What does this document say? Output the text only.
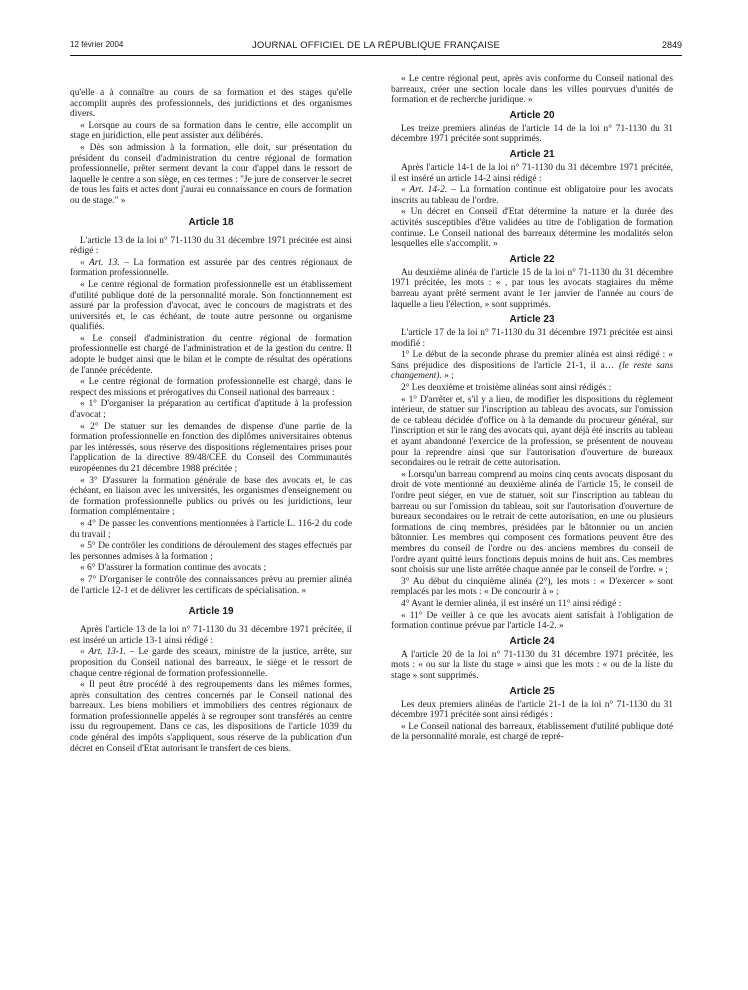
12 février 2004	JOURNAL OFFICIEL DE LA RÉPUBLIQUE FRANÇAISE	2849

qu'elle a à connaître au cours de sa formation et des stages qu'elle accomplit auprès des professionnels, des juridictions et des organismes divers.

« Lorsque au cours de sa formation dans le centre, elle accomplit un stage en juridiction, elle peut assister aux délibérés.

« Dès son admission à la formation, elle doit, sur présentation du président du conseil d'administration du centre régional de formation professionnelle, prêter serment devant la cour d'appel dans le ressort de laquelle le centre a son siège, en ces termes : "Je jure de conserver le secret de tous les faits et actes dont j'aurai eu connaissance en cours de formation ou de stage." »

Article 18

L'article 13 de la loi n° 71-1130 du 31 décembre 1971 précitée est ainsi rédigé :

« Art. 13. – La formation est assurée par des centres régionaux de formation professionnelle.

« Le centre régional de formation professionnelle est un établissement d'utilité publique doté de la personnalité morale. Son fonctionnement est assuré par la profession d'avocat, avec le concours de magistrats et des universités et, le cas échéant, de toute autre personne ou organisme qualifiés.

« Le conseil d'administration du centre régional de formation professionnelle est chargé de l'administration et de la gestion du centre. Il adopte le budget ainsi que le bilan et le compte de résultat des opérations de l'année précédente.

« Le centre régional de formation professionnelle est chargé, dans le respect des missions et prérogatives du Conseil national des barreaux :

« 1° D'organiser la préparation au certificat d'aptitude à la profession d'avocat ;

« 2° De statuer sur les demandes de dispense d'une partie de la formation professionnelle en fonction des diplômes universitaires obtenus par les intéressés, sous réserve des dispositions réglementaires prises pour l'application de la directive 89/48/CEE du Conseil des Communautés européennes du 21 décembre 1988 précitée ;

« 3° D'assurer la formation générale de base des avocats et, le cas échéant, en liaison avec les universités, les organismes d'enseignement ou de formation professionnelle publics ou privés ou les juridictions, leur formation complémentaire ;

« 4° De passer les conventions mentionnées à l'article L. 116-2 du code du travail ;

« 5° De contrôler les conditions de déroulement des stages effectués par les personnes admises à la formation ;

« 6° D'assurer la formation continue des avocats ;

« 7° D'organiser le contrôle des connaissances prévu au premier alinéa de l'article 12-1 et de délivrer les certificats de spécialisation. »

Article 19

Après l'article 13 de la loi n° 71-1130 du 31 décembre 1971 précitée, il est inséré un article 13-1 ainsi rédigé :

« Art. 13-1. – Le garde des sceaux, ministre de la justice, arrête, sur proposition du Conseil national des barreaux, le siège et le ressort de chaque centre régional de formation professionnelle.

« Il peut être procédé à des regroupements dans les mêmes formes, après consultation des centres concernés par le Conseil national des barreaux. Les biens mobiliers et immobiliers des centres régionaux de formation professionnelle appelés à se regrouper sont transférés au centre issu du regroupement. Dans ce cas, les dispositions de l'article 1039 du code général des impôts s'appliquent, sous réserve de la publication d'un décret en Conseil d'Etat autorisant le transfert de ces biens.

« Le centre régional peut, après avis conforme du Conseil national des barreaux, créer une section locale dans les villes pourvues d'unités de formation et de recherche juridique. »

Article 20

Les treize premiers alinéas de l'article 14 de la loi n° 71-1130 du 31 décembre 1971 précitée sont supprimés.

Article 21

Après l'article 14-1 de la loi n° 71-1130 du 31 décembre 1971 précitée, il est inséré un article 14-2 ainsi rédigé :

« Art. 14-2. – La formation continue est obligatoire pour les avocats inscrits au tableau de l'ordre.

« Un décret en Conseil d'Etat détermine la nature et la durée des activités susceptibles d'être validées au titre de l'obligation de formation continue. Le Conseil national des barreaux détermine les modalités selon lesquelles elle s'accomplit. »

Article 22

Au deuxième alinéa de l'article 15 de la loi n° 71-1130 du 31 décembre 1971 précitée, les mots : « , par tous les avocats stagiaires du même barreau ayant prêté serment avant le 1er janvier de l'année au cours de laquelle a lieu l'élection, » sont supprimés.

Article 23

L'article 17 de la loi n° 71-1130 du 31 décembre 1971 précitée est ainsi modifié :

1° Le début de la seconde phrase du premier alinéa est ainsi rédigé : « Sans préjudice des dispositions de l'article 21-1, il a… (le reste sans changement). » ;

2° Les deuxième et troisième alinéas sont ainsi rédigés :

« 1° D'arrêter et, s'il y a lieu, de modifier les dispositions du règlement intérieur, de statuer sur l'inscription au tableau des avocats, sur l'omission de ce tableau décidée d'office ou à la demande du procureur général, sur l'inscription et sur le rang des avocats qui, ayant déjà été inscrits au tableau et ayant abandonné l'exercice de la profession, se présentent de nouveau pour la reprendre ainsi que sur l'autorisation d'ouverture de bureaux secondaires ou le retrait de cette autorisation.

« Lorsqu'un barreau comprend au moins cinq cents avocats disposant du droit de vote mentionné au deuxième alinéa de l'article 15, le conseil de l'ordre peut siéger, en vue de statuer, soit sur l'inscription au tableau du barreau ou sur l'omission du tableau, soit sur l'autorisation d'ouverture de bureaux secondaires ou le retrait de cette autorisation, en une ou plusieurs formations de cinq membres, présidées par le bâtonnier ou un ancien bâtonnier. Les membres qui composent ces formations peuvent être des membres du conseil de l'ordre ou des anciens membres du conseil de l'ordre ayant quitté leurs fonctions depuis moins de huit ans. Ces membres sont choisis sur une liste arrêtée chaque année par le conseil de l'ordre. » ;

3° Au début du cinquième alinéa (2°), les mots : « D'exercer » sont remplacés par les mots : « De concourir à » ;

4° Avant le dernier alinéa, il est inséré un 11° ainsi rédigé :

« 11° De veiller à ce que les avocats aient satisfait à l'obligation de formation continue prévue par l'article 14-2. »

Article 24

A l'article 20 de la loi n° 71-1130 du 31 décembre 1971 précitée, les mots : « ou sur la liste du stage » ainsi que les mots : « ou de la liste du stage » sont supprimés.

Article 25

Les deux premiers alinéas de l'article 21-1 de la loi n° 71-1130 du 31 décembre 1971 précitée sont ainsi rédigés :

« Le Conseil national des barreaux, établissement d'utilité publique doté de la personnalité morale, est chargé de repré-
